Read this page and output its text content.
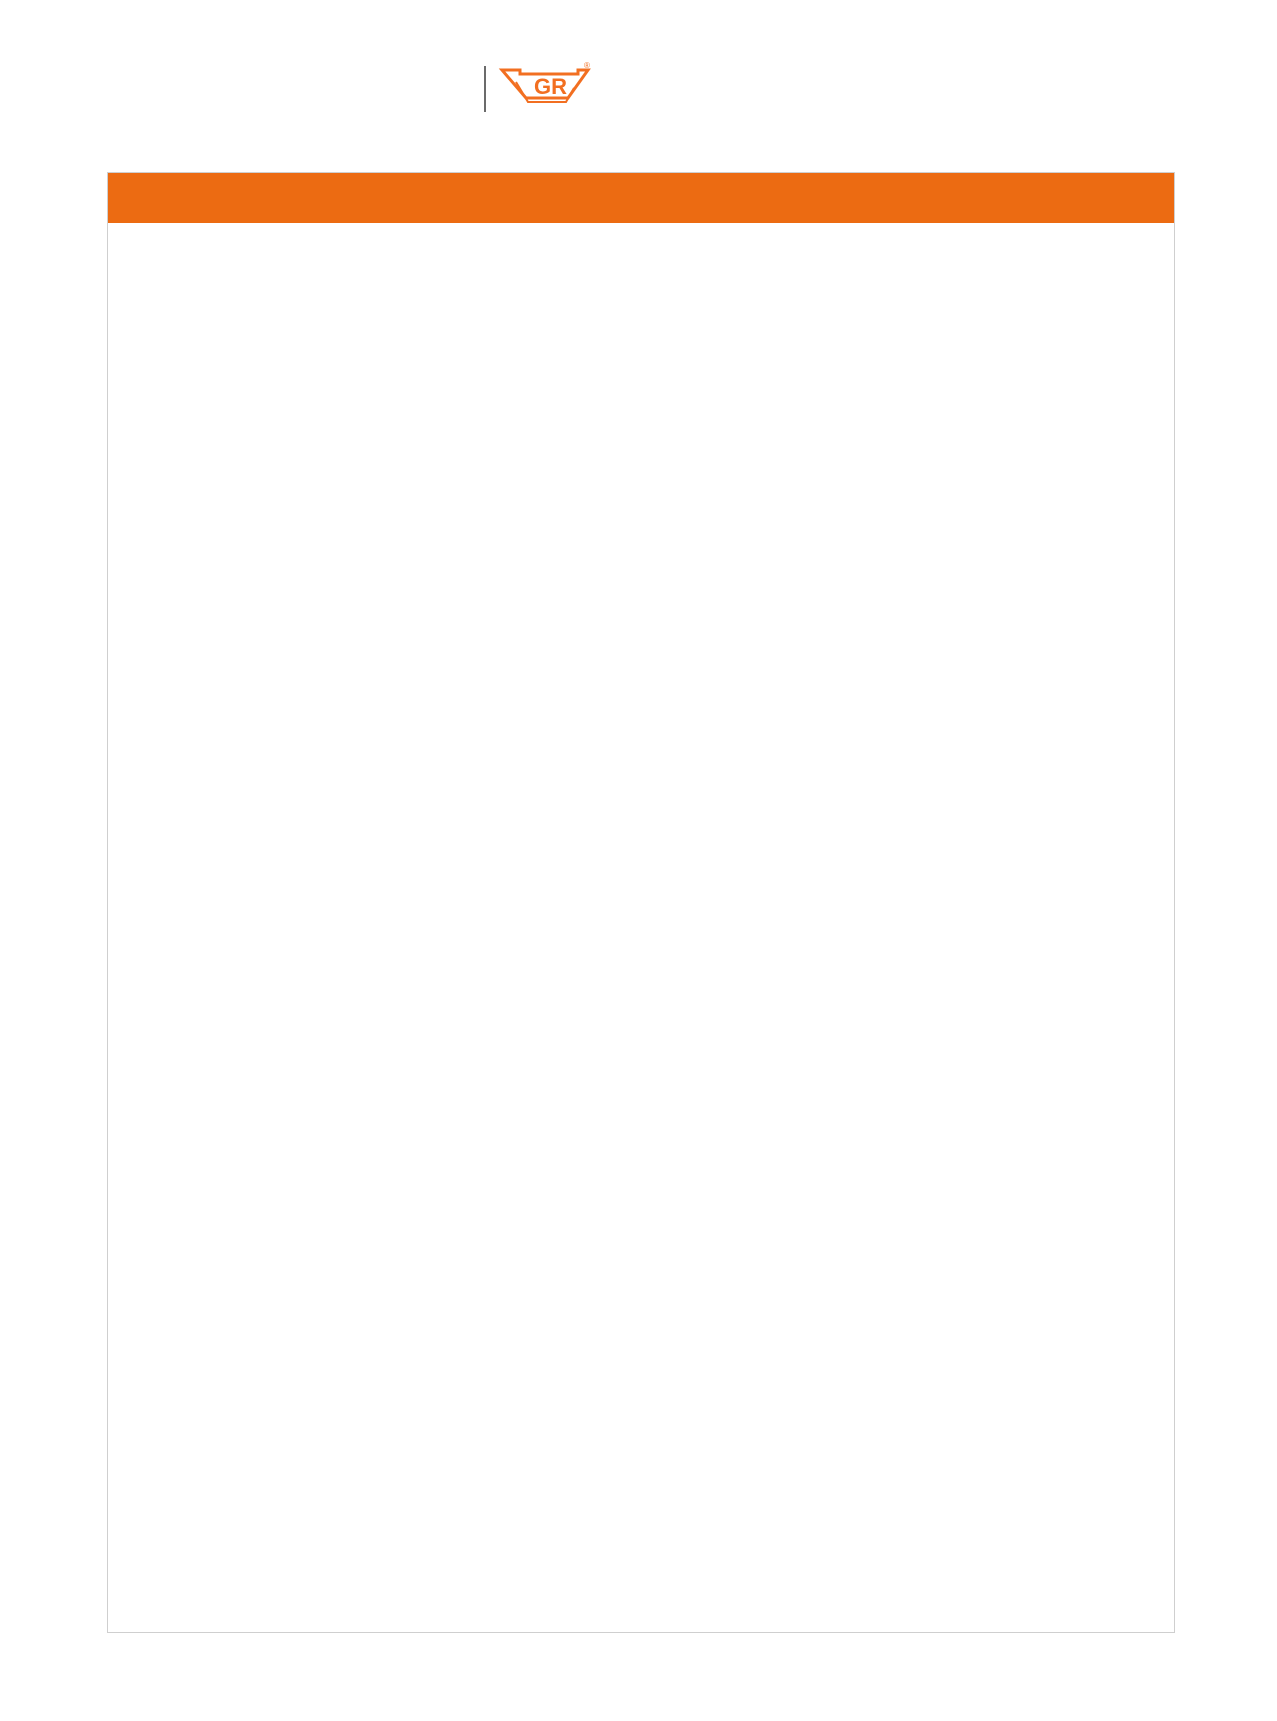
GR
®
